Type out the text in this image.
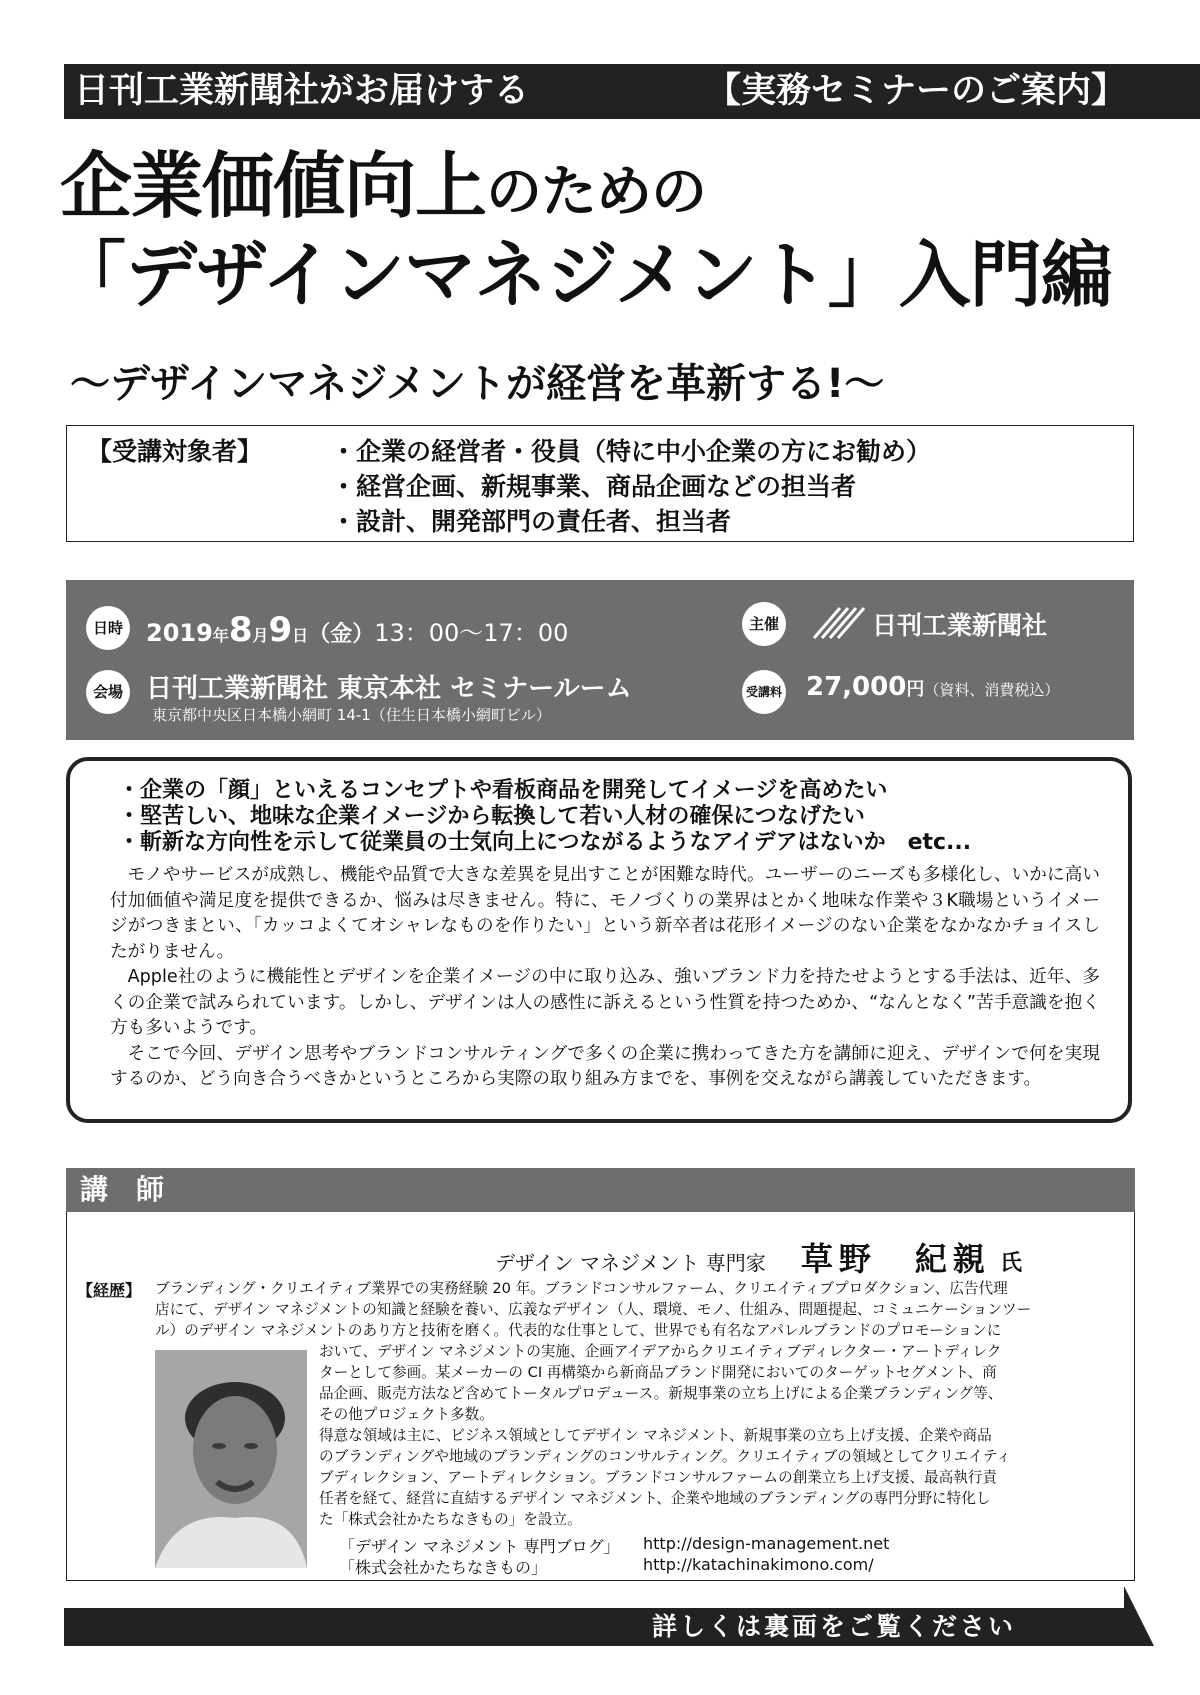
日刊工業新聞社がお届けする	【実務セミナーのご案内】
企業価値向上のための
「デザインマネジメント」入門編
〜デザインマネジメントが経営を革新する!〜
【受講対象者】	・企業の経営者・役員（特に中小企業の方にお勧め）
・経営企画、新規事業、商品企画などの担当者
・設計、開発部門の責任者、担当者
日時 2019年8月9日（金）13：00〜17：00
会場 日刊工業新聞社 東京本社 セミナールーム
東京都中央区日本橋小網町 14-1（住生日本橋小網町ビル）
主催	日刊工業新聞社
受講料 27,000円（資料、消費税込）
・企業の「顔」といえるコンセプトや看板商品を開発してイメージを高めたい
・堅苦しい、地味な企業イメージから転換して若い人材の確保につなげたい
・斬新な方向性を示して従業員の士気向上につながるようなアイデアはないか　etc...

モノやサービスが成熟し、機能や品質で大きな差異を見出すことが困難な時代。ユーザーのニーズも多様化し、いかに高い付加価値や満足度を提供できるか、悩みは尽きません。特に、モノづくりの業界はとかく地味な作業や３K職場というイメージがつきまとい、「カッコよくてオシャレなものを作りたい」という新卒者は花形イメージのない企業をなかなかチョイスしたがりません。

Apple社のように機能性とデザインを企業イメージの中に取り込み、強いブランド力を持たせようとする手法は、近年、多くの企業で試みられています。しかし、デザインは人の感性に訴えるという性質を持つためか、“なんとなく”苦手意識を抱く方も多いようです。

そこで今回、デザイン思考やブランドコンサルティングで多くの企業に携わってきた方を講師に迎え、デザインで何を実現するのか、どう向き合うべきかというところから実際の取り組み方までを、事例を交えながら講義していただきます。

講　師
デザイン マネジメント 専門家 草野　紀親 氏
【経歴】 ブランディング・クリエイティブ業界での実務経験 20 年。ブランドコンサルファーム、クリエイティブプロダクション、広告代理
店にて、デザイン マネジメントの知識と経験を養い、広義なデザイン（人、環境、モノ、仕組み、問題提起、コミュニケーションツー
ル）のデザイン マネジメントのあり方と技術を磨く。代表的な仕事として、世界でも有名なアパレルブランドのプロモーションに
おいて、デザイン マネジメントの実施、企画アイデアからクリエイティブディレクター・アートディレク
ターとして参画。某メーカーの CI 再構築から新商品ブランド開発においてのターゲットセグメント、商
品企画、販売方法など含めてトータルプロデュース。新規事業の立ち上げによる企業ブランディング等、
その他プロジェクト多数。
得意な領域は主に、ビジネス領域としてデザイン マネジメント、新規事業の立ち上げ支援、企業や商品
のブランディングや地域のブランディングのコンサルティング。クリエイティブの領域としてクリエイティ
ブディレクション、アートディレクション。ブランドコンサルファームの創業立ち上げ支援、最高執行責
任者を経て、経営に直結するデザイン マネジメント、企業や地域のブランディングの専門分野に特化し
た「株式会社かたちなきもの」を設立。
「デザイン マネジメント 専門ブログ」 http://design-management.net
「株式会社かたちなきもの」	http://katachinakimono.com/
詳しくは裏面をご覧ください
